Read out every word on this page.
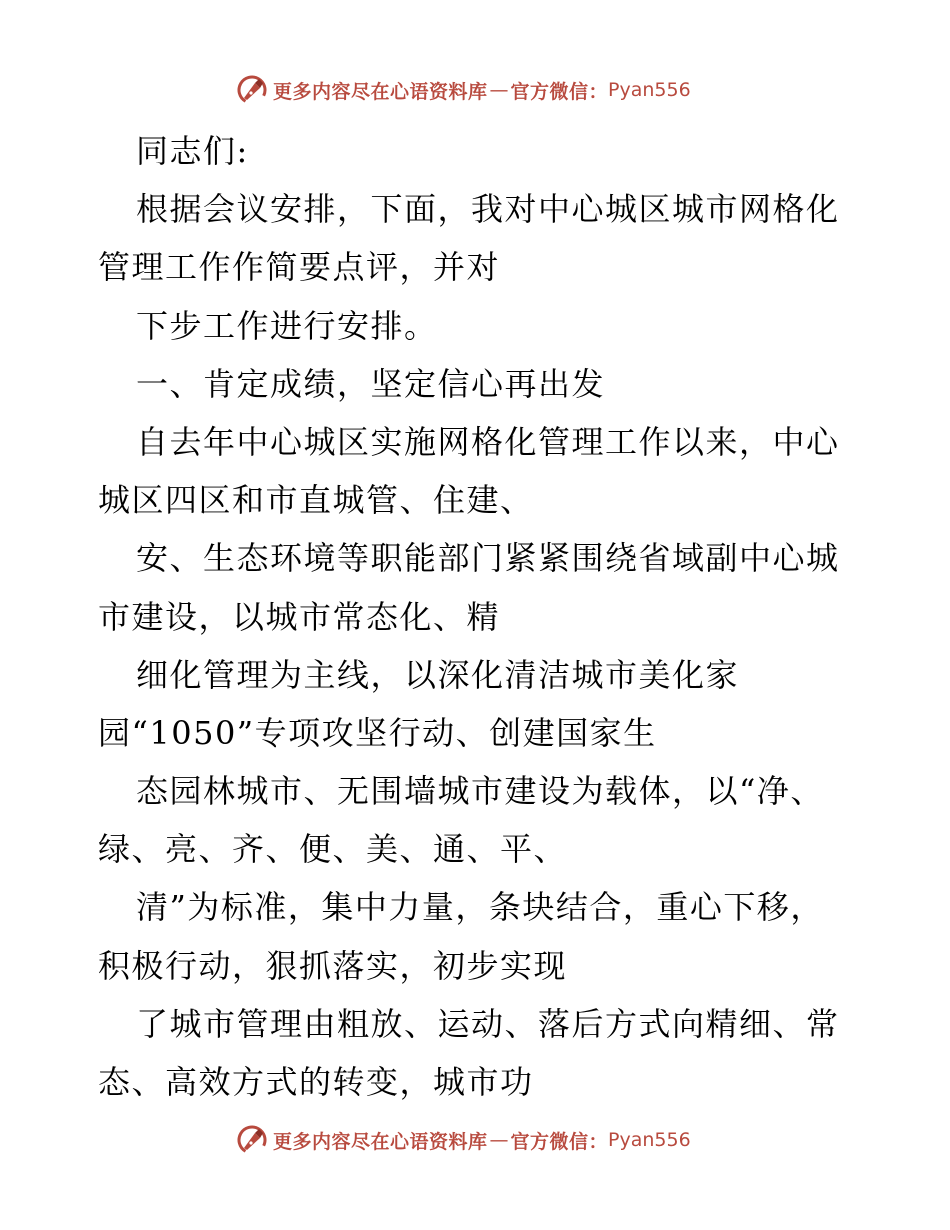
更多内容尽在心语资料库 — 官方微信： Pyan556
同志们:
根据会议安排，下面，我对中心城区城市网格化
管理工作作简要点评，并对
下步工作进行安排。
一、肯定成绩，坚定信心再出发
自去年中心城区实施网格化管理工作以来，中心
城区四区和市直城管、住建、
安、生态环境等职能部门紧紧围绕省域副中心城
市建设，以城市常态化、精
细化管理为主线，以深化清洁城市美化家
园“1050”专项攻坚行动、创建国家生
态园林城市、无围墙城市建设为载体，以“净、
绿、亮、齐、便、美、通、平、
清”为标准，集中力量，条块结合，重心下移，
积极行动，狠抓落实，初步实现
了城市管理由粗放、运动、落后方式向精细、常
态、高效方式的转变，城市功
更多内容尽在心语资料库 — 官方微信： Pyan556
